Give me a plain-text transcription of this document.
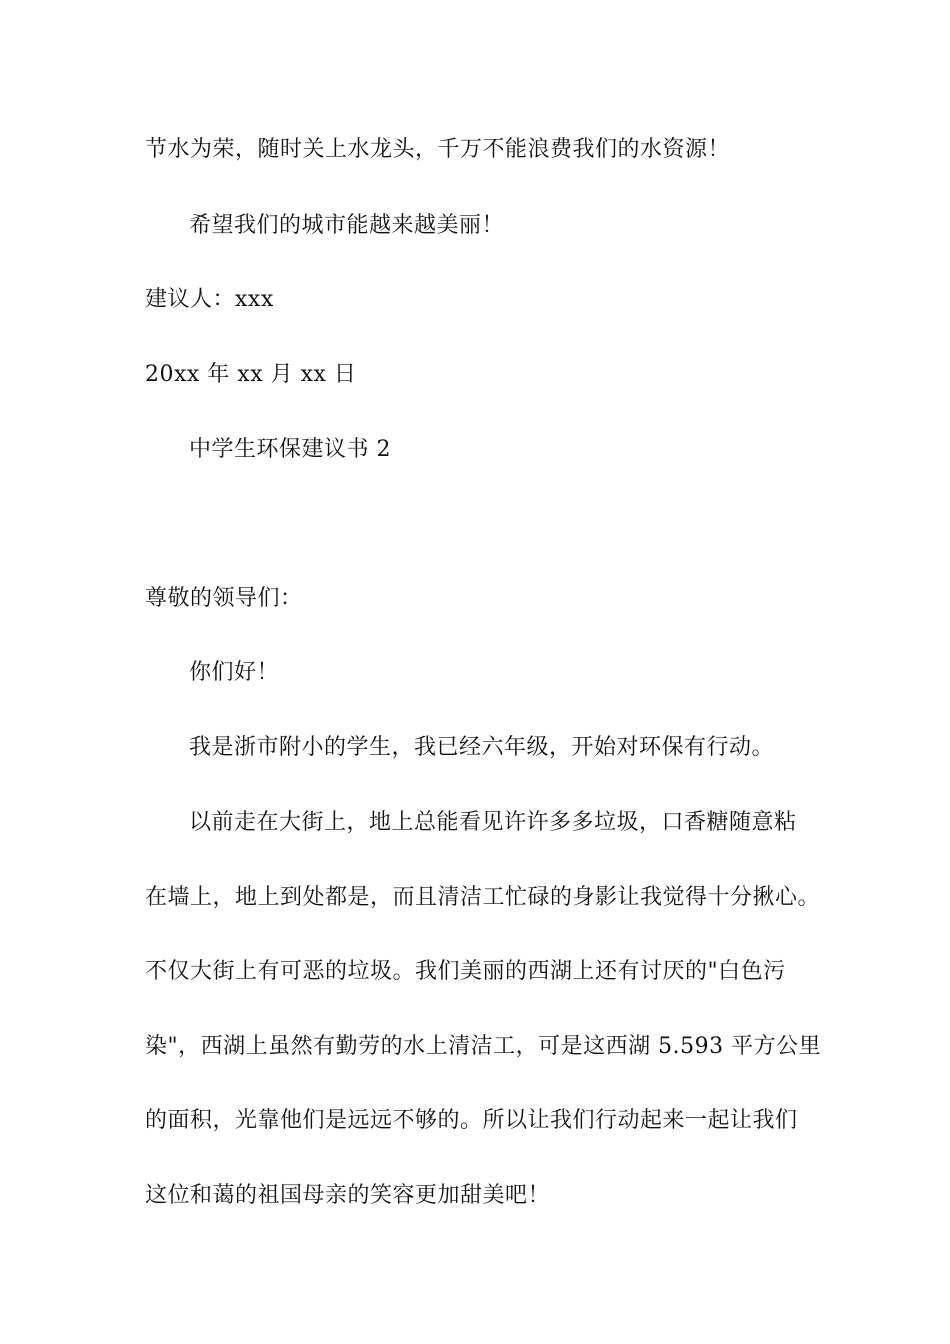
节水为荣，随时关上水龙头，千万不能浪费我们的水资源！
希望我们的城市能越来越美丽！
建议人：xxx
20xx 年 xx 月 xx 日
中学生环保建议书 2
尊敬的领导们：
你们好！
我是浙市附小的学生，我已经六年级，开始对环保有行动。
以前走在大街上，地上总能看见许许多多垃圾，口香糖随意粘
在墙上，地上到处都是，而且清洁工忙碌的身影让我觉得十分揪心。
不仅大街上有可恶的垃圾。我们美丽的西湖上还有讨厌的"白色污
染"，西湖上虽然有勤劳的水上清洁工，可是这西湖 5.593 平方公里
的面积，光靠他们是远远不够的。所以让我们行动起来一起让我们
这位和蔼的祖国母亲的笑容更加甜美吧！
